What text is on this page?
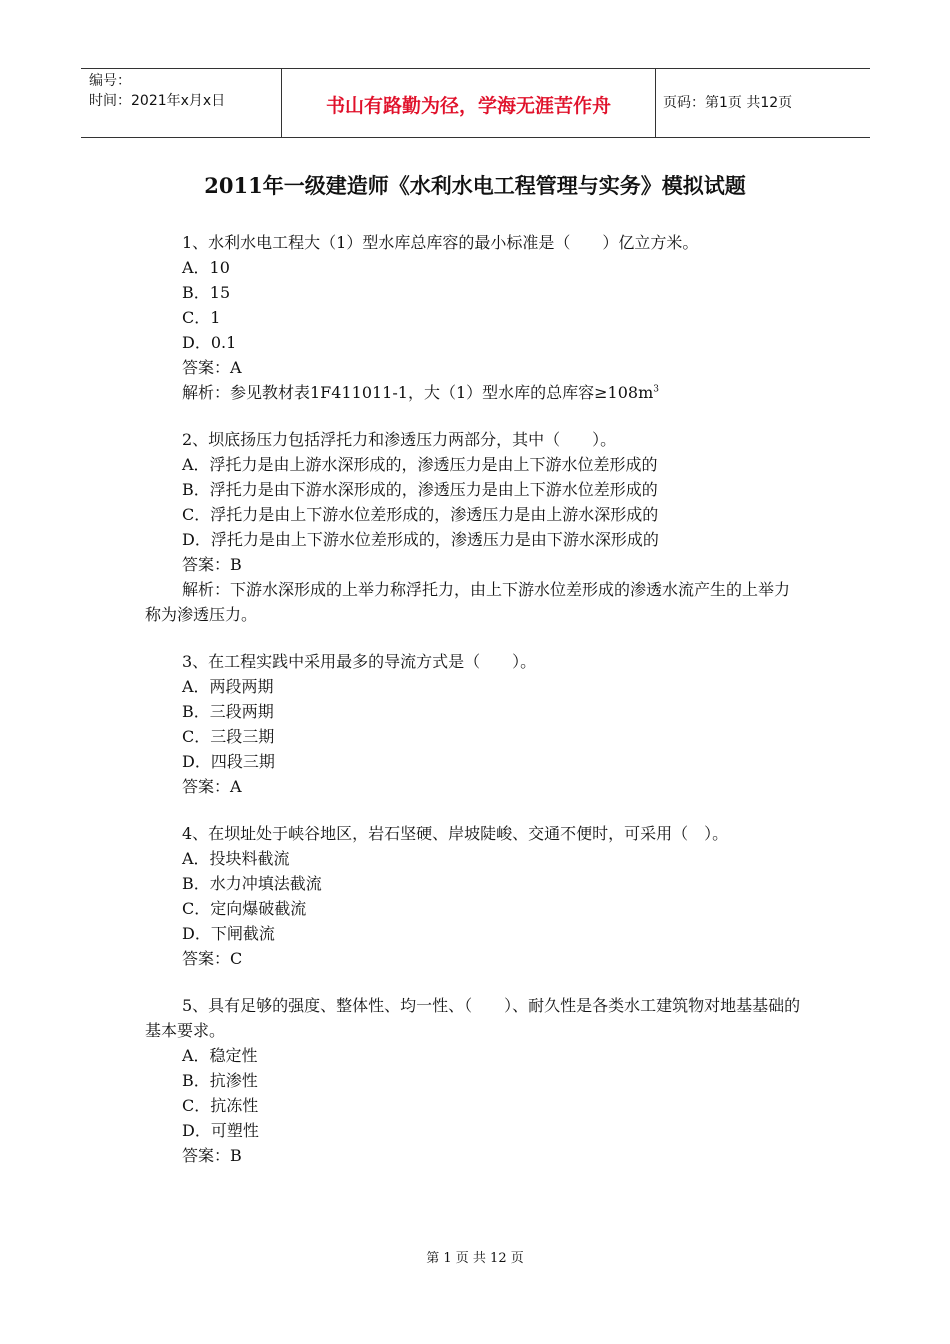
编号：
时间：2021年x月x日	书山有路勤为径，学海无涯苦作舟	页码：第1页 共12页
2011年一级建造师《水利水电工程管理与实务》模拟试题
1、水利水电工程大（1）型水库总库容的最小标准是（　　）亿立方米。
A．10
B．15
C．1
D．0.1
答案：A
解析：参见教材表1F411011-1，大（1）型水库的总库容$\ge 108m^3$
2、坝底扬压力包括浮托力和渗透压力两部分，其中（　　）。
A．浮托力是由上游水深形成的，渗透压力是由上下游水位差形成的
B．浮托力是由下游水深形成的，渗透压力是由上下游水位差形成的
C．浮托力是由上下游水位差形成的，渗透压力是由上游水深形成的
D．浮托力是由上下游水位差形成的，渗透压力是由下游水深形成的
答案：B
解析：下游水深形成的上举力称浮托力，由上下游水位差形成的渗透水流产生的上举力称为渗透压力。
3、在工程实践中采用最多的导流方式是（　　）。
A．两段两期
B．三段两期
C．三段三期
D．四段三期
答案：A
4、在坝址处于峡谷地区，岩石坚硬、岸坡陡峻、交通不便时，可采用（　）。
A．投块料截流
B．水力冲填法截流
C．定向爆破截流
D．下闸截流
答案：C
5、具有足够的强度、整体性、均一性、（　　）、耐久性是各类水工建筑物对地基基础的基本要求。
A．稳定性
B．抗渗性
C．抗冻性
D．可塑性
答案：B
第 1 页 共 12 页
